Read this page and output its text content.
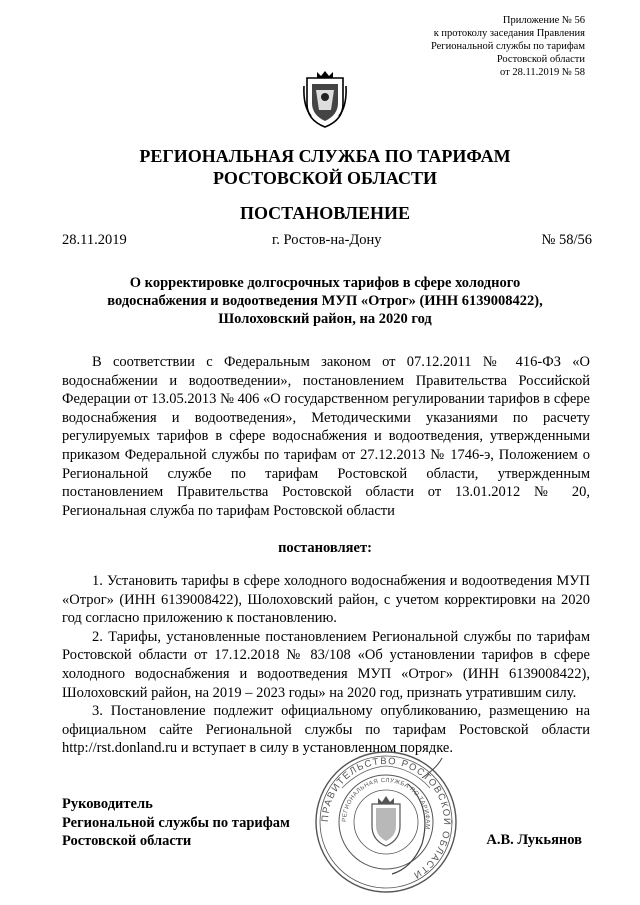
Приложение № 56
к протоколу заседания Правления
Региональной службы по тарифам
Ростовской области
от 28.11.2019 № 58
РЕГИОНАЛЬНАЯ СЛУЖБА ПО ТАРИФАМ
РОСТОВСКОЙ ОБЛАСТИ
ПОСТАНОВЛЕНИЕ
28.11.2019	г. Ростов-на-Дону	№ 58/56
О корректировке долгосрочных тарифов в сфере холодного
водоснабжения и водоотведения МУП «Отрог» (ИНН 6139008422),
Шолоховский район, на 2020 год

В соответствии с Федеральным законом от 07.12.2011 № 416-ФЗ «О водоснабжении и водоотведении», постановлением Правительства Российской Федерации от 13.05.2013 № 406 «О государственном регулировании тарифов в сфере водоснабжения и водоотведения», Методическими указаниями по расчету регулируемых тарифов в сфере водоснабжения и водоотведения, утвержденными приказом Федеральной службы по тарифам от 27.12.2013 № 1746-э, Положением о Региональной службе по тарифам Ростовской области, утвержденным постановлением Правительства Ростовской области от 13.01.2012 № 20, Региональная служба по тарифам Ростовской области

постановляет:

1. Установить тарифы в сфере холодного водоснабжения и водоотведения МУП «Отрог» (ИНН 6139008422), Шолоховский район, с учетом корректировки на 2020 год согласно приложению к постановлению.

2. Тарифы, установленные постановлением Региональной службы по тарифам Ростовской области от 17.12.2018 № 83/108 «Об установлении тарифов в сфере холодного водоснабжения и водоотведения МУП «Отрог» (ИНН 6139008422), Шолоховский район, на 2019 – 2023 годы» на 2020 год, признать утратившим силу.

3. Постановление подлежит официальному опубликованию, размещению на официальном сайте Региональной службы по тарифам Ростовской области http://rst.donland.ru и вступает в силу в установленном порядке.

ПРАВИТЕЛЬСТВО РОСТОВСКОЙ ОБЛАСТИ
РЕГИОНАЛЬНАЯ СЛУЖБА ПО ТАРИФАМ
Руководитель
Региональной службы по тарифам
Ростовской области	А.В. Лукьянов
